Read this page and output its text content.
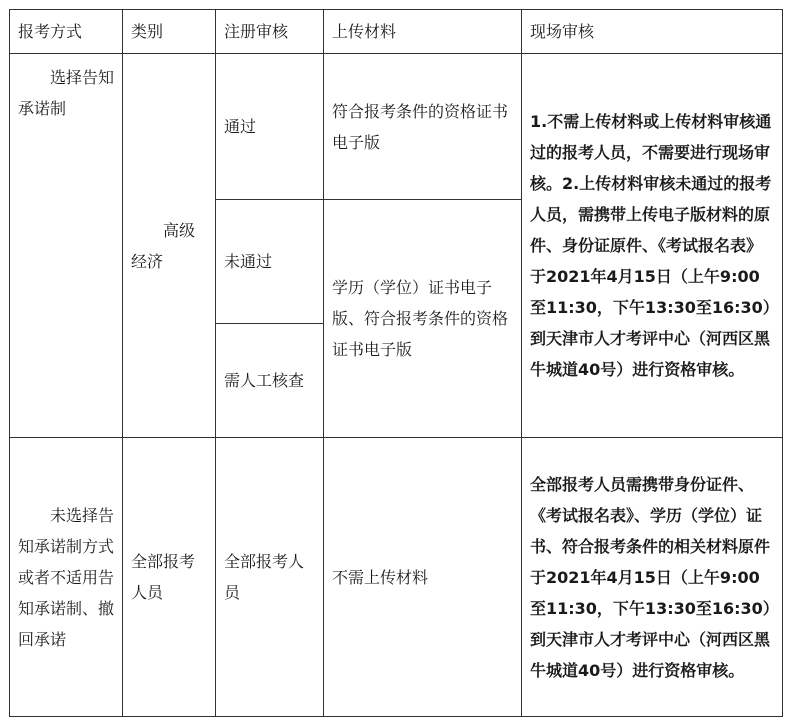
报考方式	类别	注册审核	上传材料	现场审核
选择告知承诺制	高级经济	通过	符合报考条件的资格证书电子版	1.不需上传材料或上传材料审核通过的报考人员，不需要进行现场审核。2.上传材料审核未通过的报考人员，需携带上传电子版材料的原件、身份证原件、《考试报名表》于2021年4月15日（上午9:00至11:30，下午13:30至16:30）到天津市人才考评中心（河西区黑牛城道40号）进行资格审核。
		未通过	学历（学位）证书电子版、符合报考条件的资格证书电子版	
		需人工核查		
未选择告知承诺制方式或者不适用告知承诺制、撤回承诺	全部报考人员	全部报考人员	不需上传材料	全部报考人员需携带身份证件、《考试报名表》、学历（学位）证书、符合报考条件的相关材料原件于2021年4月15日（上午9:00至11:30，下午13:30至16:30）到天津市人才考评中心（河西区黑牛城道40号）进行资格审核。
